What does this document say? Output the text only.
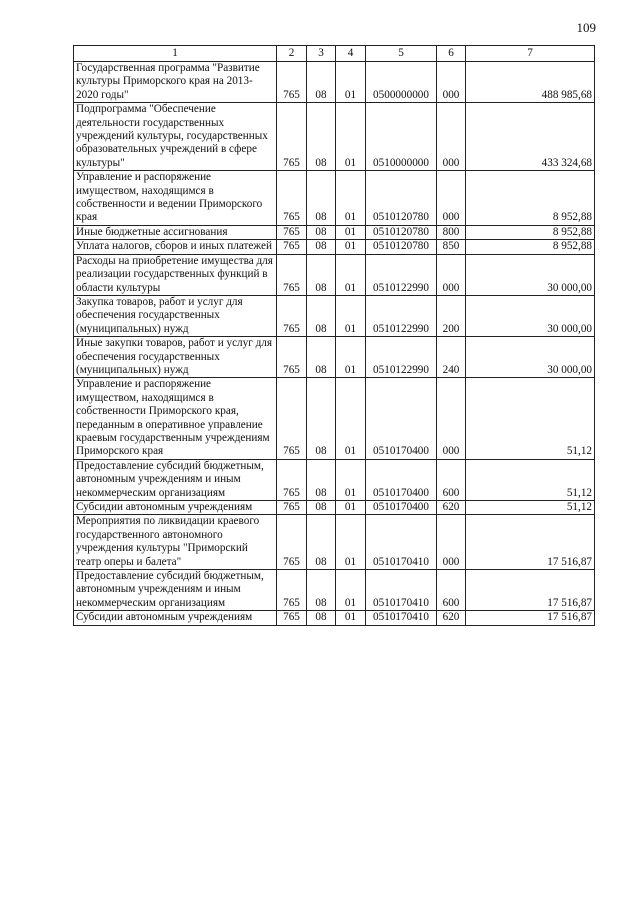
109
1	2	3	4	5	6	7
Государственная программа "Развитие культуры Приморского края на 2013-2020 годы"	765	08	01	0500000000	000	488 985,68
Подпрограмма "Обеспечение деятельности государственных учреждений культуры, государственных образовательных учреждений в сфере культуры"	765	08	01	0510000000	000	433 324,68
Управление и распоряжение имуществом, находящимся в собственности и ведении Приморского края	765	08	01	0510120780	000	8 952,88
Иные бюджетные ассигнования	765	08	01	0510120780	800	8 952,88
Уплата налогов, сборов и иных платежей	765	08	01	0510120780	850	8 952,88
Расходы на приобретение имущества для реализации государственных функций в области культуры	765	08	01	0510122990	000	30 000,00
Закупка товаров, работ и услуг для обеспечения государственных (муниципальных) нужд	765	08	01	0510122990	200	30 000,00
Иные закупки товаров, работ и услуг для обеспечения государственных (муниципальных) нужд	765	08	01	0510122990	240	30 000,00
Управление и распоряжение имуществом, находящимся в собственности Приморского края, переданным в оперативное управление краевым государственным учреждениям Приморского края	765	08	01	0510170400	000	51,12
Предоставление субсидий бюджетным, автономным учреждениям и иным некоммерческим организациям	765	08	01	0510170400	600	51,12
Субсидии автономным учреждениям	765	08	01	0510170400	620	51,12
Мероприятия по ликвидации краевого государственного автономного учреждения культуры "Приморский театр оперы и балета"	765	08	01	0510170410	000	17 516,87
Предоставление субсидий бюджетным, автономным учреждениям и иным некоммерческим организациям	765	08	01	0510170410	600	17 516,87
Субсидии автономным учреждениям	765	08	01	0510170410	620	17 516,87
